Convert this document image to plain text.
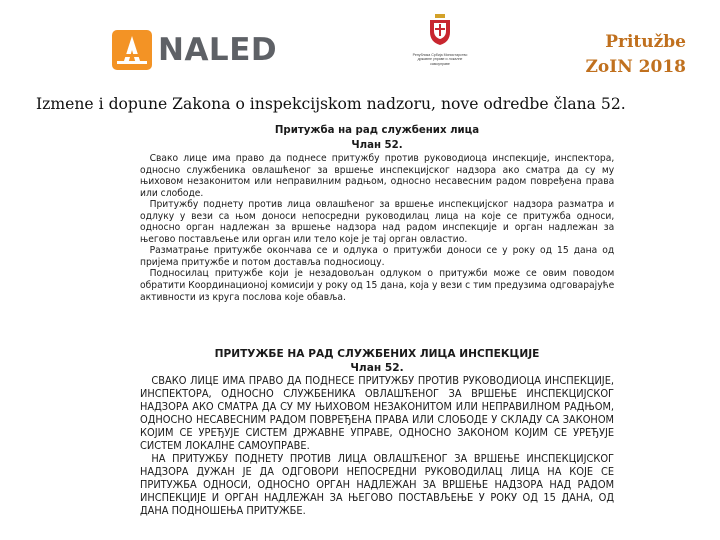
NALED	Републикa Србија Министарство државне управе и локалне самоуправе
Pritužbe
ZoIN 2018
Izmene i dopune Zakona o inspekcijskom nadzoru, nove odredbe člana 52.
Притужба на рад службених лица
Члан 52.
Свако лице има право да поднесе притужбу против руководиоца инспекције, инспектора, односно службеника овлашћеног за вршење инспекцијског надзора ако сматра да су му њиховом незаконитом или неправилним радњом, односно несавесним радом повређена права или слободе.
Притужбу поднету против лица овлашћеног за вршење инспекцијског надзора разматра и одлуку у вези са њом доноси непосредни руководилац лица на које се притужба односи, односно орган надлежан за вршење надзора над радом инспекције и орган надлежан за његово постављење или орган или тело које је тај орган овластио.
Разматрање притужбе окончава се и одлука о притужби доноси се у року од 15 дана од пријема притужбе и потом доставља подносиоцу.
Подносилац притужбе који је незадовољан одлуком о притужби може се овим поводом обратити Координационој комисији у року од 15 дана, која у вези с тим предузима одговарајуће активности из круга послова које обавља.
ПРИТУЖБЕ НА РАД СЛУЖБЕНИХ ЛИЦА ИНСПЕКЦИЈЕ
Члан 52.
СВАКО ЛИЦЕ ИМА ПРАВО ДА ПОДНЕСЕ ПРИТУЖБУ ПРОТИВ РУКОВОДИОЦА ИНСПЕКЦИЈЕ, ИНСПЕКТОРА, ОДНОСНО СЛУЖБЕНИКА ОВЛАШЋЕНОГ ЗА ВРШЕЊЕ ИНСПЕКЦИЈСКОГ НАДЗОРА АКО СМАТРА ДА СУ МУ ЊИХОВОМ НЕЗАКОНИТОМ ИЛИ НЕПРАВИЛНОМ РАДЊОМ, ОДНОСНО НЕСАВЕСНИМ РАДОМ ПОВРЕЂЕНА ПРАВА ИЛИ СЛОБОДЕ У СКЛАДУ СА ЗАКОНОМ КОЈИМ СЕ УРЕЂУЈЕ СИСТЕМ ДРЖАВНЕ УПРАВЕ, ОДНОСНО ЗАКОНОМ КОЈИМ СЕ УРЕЂУЈЕ СИСТЕМ ЛОКАЛНЕ САМОУПРАВЕ.
НА ПРИТУЖБУ ПОДНЕТУ ПРОТИВ ЛИЦА ОВЛАШЋЕНОГ ЗА ВРШЕЊЕ ИНСПЕКЦИЈСКОГ НАДЗОРА ДУЖАН ЈЕ ДА ОДГОВОРИ НЕПОСРЕДНИ РУКОВОДИЛАЦ ЛИЦА НА КОЈЕ СЕ ПРИТУЖБА ОДНОСИ, ОДНОСНО ОРГАН НАДЛЕЖАН ЗА ВРШЕЊЕ НАДЗОРА НАД РАДОМ ИНСПЕКЦИЈЕ И ОРГАН НАДЛЕЖАН ЗА ЊЕГОВО ПОСТАВЉЕЊЕ У РОКУ ОД 15 ДАНА, ОД ДАНА ПОДНОШЕЊА ПРИТУЖБЕ.
